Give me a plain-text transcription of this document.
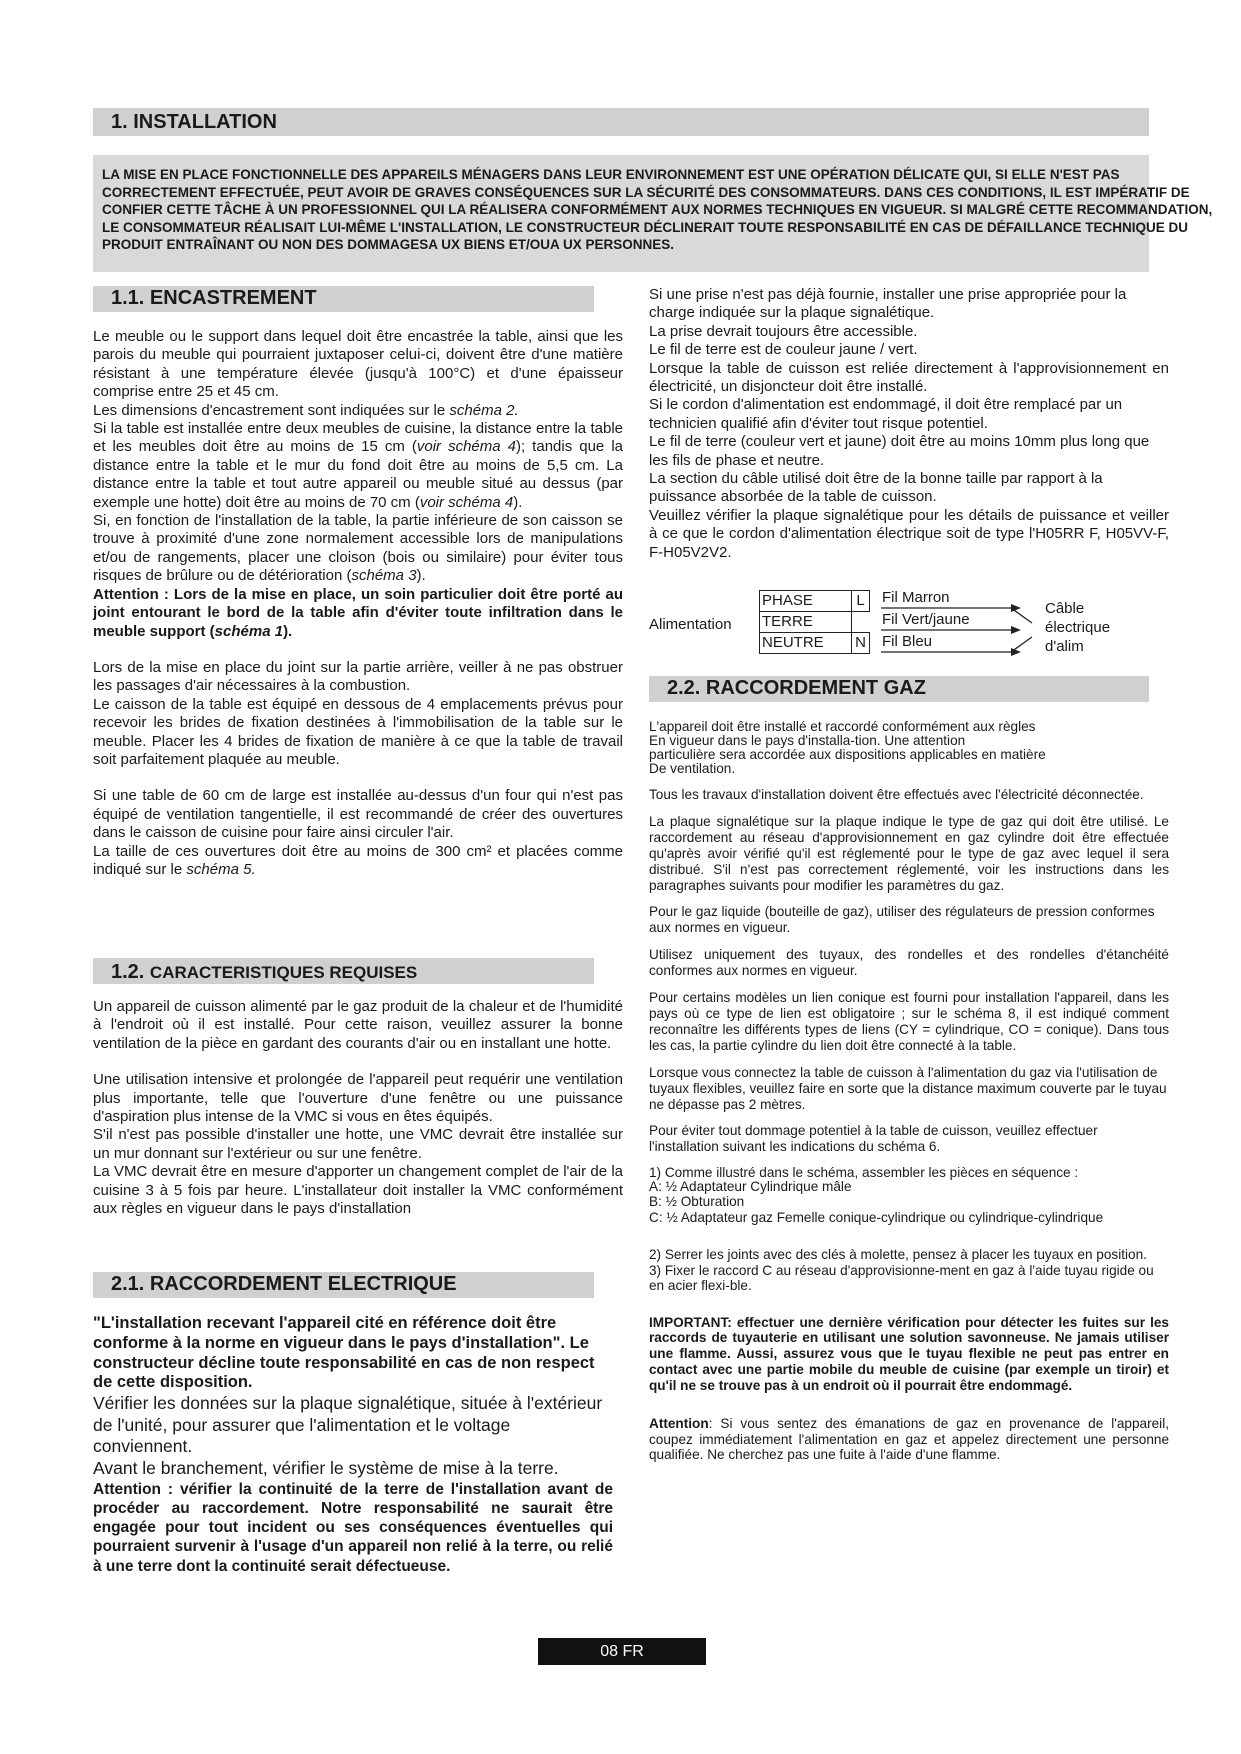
1. INSTALLATION
LA MISE EN PLACE FONCTIONNELLE DES APPAREILS MÉNAGERS DANS LEUR ENVIRONNEMENT EST UNE OPÉRATION DÉLICATE QUI, SI ELLE N'EST PAS CORRECTEMENT EFFECTUÉE, PEUT AVOIR DE GRAVES CONSÉQUENCES SUR LA SÉCURITÉ DES CONSOMMATEURS. DANS CES CONDITIONS, IL EST IMPÉRATIF DE CONFIER CETTE TÂCHE À UN PROFESSIONNEL QUI LA RÉALISERA CONFORMÉMENT AUX NORMES TECHNIQUES EN VIGUEUR. SI MALGRÉ CETTE RECOMMANDATION, LE CONSOMMATEUR RÉALISAIT LUI-MÊME L'INSTALLATION, LE CONSTRUCTEUR DÉCLINERAIT TOUTE RESPONSABILITÉ EN CAS DE DÉFAILLANCE TECHNIQUE DU PRODUIT ENTRAÎNANT OU NON DES DOMMAGESA UX BIENS ET/OUA UX PERSONNES.
1.1. ENCASTREMENT

Le meuble ou le support dans lequel doit être encastrée la table, ainsi que les parois du meuble qui pourraient juxtaposer celui-ci, doivent être d'une matière résistant à une température élevée (jusqu'à 100°C) et d'une épaisseur comprise entre 25 et 45 cm.

Les dimensions d'encastrement sont indiquées sur le schéma 2.

Si la table est installée entre deux meubles de cuisine, la distance entre la table et les meubles doit être au moins de 15 cm (voir schéma 4); tandis que la distance entre la table et le mur du fond doit être au moins de 5,5 cm. La distance entre la table et tout autre appareil ou meuble situé au dessus (par exemple une hotte) doit être au moins de 70 cm (voir schéma 4).

Si, en fonction de l'installation de la table, la partie inférieure de son caisson se trouve à proximité d'une zone normalement accessible lors de manipulations et/ou de rangements, placer une cloison (bois ou similaire) pour éviter tous risques de brûlure ou de détérioration (schéma 3).

Attention : Lors de la mise en place, un soin particulier doit être porté au joint entourant le bord de la table afin d'éviter toute infiltration dans le meuble support (schéma 1).

Lors de la mise en place du joint sur la partie arrière, veiller à ne pas obstruer les passages d'air nécessaires à la combustion.

Le caisson de la table est équipé en dessous de 4 emplacements prévus pour recevoir les brides de fixation destinées à l'immobilisation de la table sur le meuble. Placer les 4 brides de fixation de manière à ce que la table de travail soit parfaitement plaquée au meuble.

Si une table de 60 cm de large est installée au-dessus d'un four qui n'est pas équipé de ventilation tangentielle, il est recommandé de créer des ouvertures dans le caisson de cuisine pour faire ainsi circuler l'air.

La taille de ces ouvertures doit être au moins de 300 cm² et placées comme indiqué sur le schéma 5.

1.2. CARACTERISTIQUES REQUISES

Un appareil de cuisson alimenté par le gaz produit de la chaleur et de l'humidité à l'endroit où il est installé. Pour cette raison, veuillez assurer la bonne ventilation de la pièce en gardant des courants d'air ou en installant une hotte.

Une utilisation intensive et prolongée de l'appareil peut requérir une ventilation plus importante, telle que l'ouverture d'une fenêtre ou une puissance d'aspiration plus intense de la VMC si vous en êtes équipés.

S'il n'est pas possible d'installer une hotte, une VMC devrait être installée sur un mur donnant sur l'extérieur ou sur une fenêtre.

La VMC devrait être en mesure d'apporter un changement complet de l'air de la cuisine 3 à 5 fois par heure. L'installateur doit installer la VMC conformément aux règles en vigueur dans le pays d'installation

2.1. RACCORDEMENT ELECTRIQUE

"L'installation recevant l'appareil cité en référence doit être conforme à la norme en vigueur dans le pays d'installation". Le constructeur décline toute responsabilité en cas de non respect de cette disposition.

Vérifier les données sur la plaque signalétique, située à l'extérieur de l'unité, pour assurer que l'alimentation et le voltage conviennent.

Avant le branchement, vérifier le système de mise à la terre.

Attention : vérifier la continuité de la terre de l'installation avant de procéder au raccordement. Notre responsabilité ne saurait être engagée pour tout incident ou ses conséquences éventuelles qui pourraient survenir à l'usage d'un appareil non relié à la terre, ou relié à une terre dont la continuité serait défectueuse.

Si une prise n'est pas déjà fournie, installer une prise appropriée pour la charge indiquée sur la plaque signalétique.

La prise devrait toujours être accessible.

Le fil de terre est de couleur jaune / vert.

Lorsque la table de cuisson est reliée directement à l'approvisionnement en électricité, un disjoncteur doit être installé.

Si le cordon d'alimentation est endommagé, il doit être remplacé par un technicien qualifié afin d'éviter tout risque potentiel.

Le fil de terre (couleur vert et jaune) doit être au moins 10mm plus long que les fils de phase et neutre.

La section du câble utilisé doit être de la bonne taille par rapport à la puissance absorbée de la table de cuisson.

Veuillez vérifier la plaque signalétique pour les détails de puissance et veiller à ce que le cordon d'alimentation électrique soit de type l'H05RR F, H05VV-F, F-H05V2V2.

Alimentation
PHASE	L
TERRE
NEUTRE	N
Fil Marron
Fil Vert/jaune
Fil Bleu
Câble
électrique
d'alim
2.2. RACCORDEMENT GAZ

L'appareil doit être installé et raccordé conformément aux règles
En vigueur dans le pays d'installa-tion. Une attention
particulière sera accordée aux dispositions applicables en matière
De ventilation.

Tous les travaux d'installation doivent être effectués avec l'électricité déconnectée.

La plaque signalétique sur la plaque indique le type de gaz qui doit être utilisé. Le raccordement au réseau d'approvisionnement en gaz cylindre doit être effectuée qu'après avoir vérifié qu'il est réglementé pour le type de gaz avec lequel il sera distribué. S'il n'est pas correctement réglementé, voir les instructions dans les paragraphes suivants pour modifier les paramètres du gaz.

Pour le gaz liquide (bouteille de gaz), utiliser des régulateurs de pression conformes aux normes en vigueur.

Utilisez uniquement des tuyaux, des rondelles et des rondelles d'étanchéité conformes aux normes en vigueur.

Pour certains modèles un lien conique est fourni pour installation l'appareil, dans les pays où ce type de lien est obligatoire ; sur le schéma 8, il est indiqué comment reconnaître les différents types de liens (CY = cylindrique, CO = conique). Dans tous les cas, la partie cylindre du lien doit être connecté à la table.

Lorsque vous connectez la table de cuisson à l'alimentation du gaz via l'utilisation de tuyaux flexibles, veuillez faire en sorte que la distance maximum couverte par le tuyau ne dépasse pas 2 mètres.

Pour éviter tout dommage potentiel à la table de cuisson, veuillez effectuer l'installation suivant les indications du schéma 6.

1) Comme illustré dans le schéma, assembler les pièces en séquence :
A: ½ Adaptateur Cylindrique mâle
B: ½ Obturation
C: ½ Adaptateur gaz Femelle conique-cylindrique ou cylindrique-cylindrique

2) Serrer les joints avec des clés à molette, pensez à placer les tuyaux en position.

3) Fixer le raccord C au réseau d'approvisionne-ment en gaz à l'aide tuyau rigide ou en acier flexi-ble.

IMPORTANT: effectuer une dernière vérification pour détecter les fuites sur les raccords de tuyauterie en utilisant une solution savonneuse. Ne jamais utiliser une flamme. Aussi, assurez vous que le tuyau flexible ne peut pas entrer en contact avec une partie mobile du meuble de cuisine (par exemple un tiroir) et qu'il ne se trouve pas à un endroit où il pourrait être endommagé.

Attention: Si vous sentez des émanations de gaz en provenance de l'appareil, coupez immédiatement l'alimentation en gaz et appelez directement une personne qualifiée. Ne cherchez pas une fuite à l'aide d'une flamme.

08 FR
